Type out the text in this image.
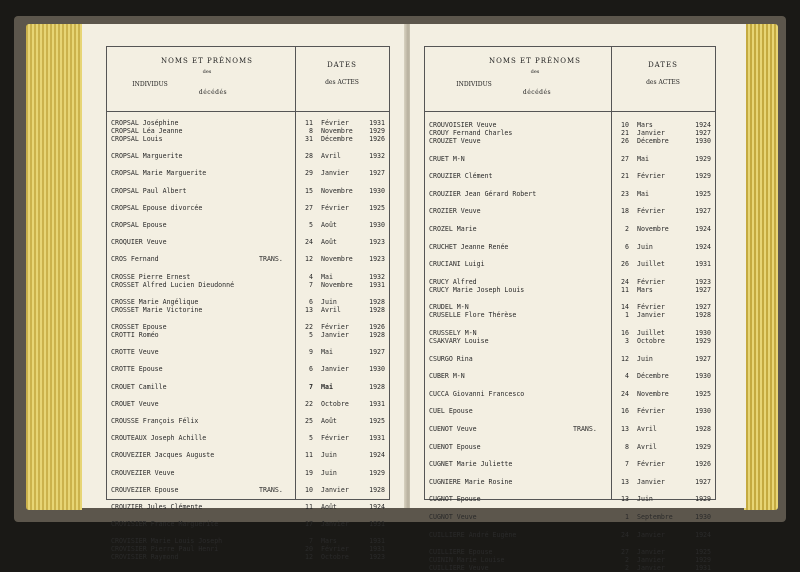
NOMS ET PRÉNOMS
des
INDIVIDUS
décédés
DATES
des ACTES
CROPSAL Joséphine	11 Février	1931
CROPSAL Léa Jeanne	8 Novembre 1929
CROPSAL Louis	31 Décembre 1926
CROPSAL Marguerite	28 Avril	1932
CROPSAL Marie Marguerite	29 Janvier	1927
CROPSAL Paul Albert	15 Novembre 1930
CROPSAL Epouse divorcée	27 Février	1925
CROPSAL Epouse	5 Août	1930
CROQUIER Veuve	24 Août	1923
CROS Fernand	TRANS.	12 Novembre 1923
CROSSE Pierre Ernest	4 Mai	1932
CROSSET Alfred Lucien Dieudonné	7 Novembre 1931
CROSSE Marie Angélique	6 Juin	1928
CROSSET Marie Victorine	13 Avril	1928
CROSSET Epouse	22 Février	1926
CROTTI Roméo	5 Janvier	1928
CROTTE Veuve	9 Mai	1927
CROTTE Epouse	6 Janvier	1930
CROUET Camille	7 Mai	1928
CROUET Veuve	22 Octobre	1931
CROUSSE François Félix	25 Août	1925
CROUTEAUX Joseph Achille	5 Février	1931
CROUVEZIER Jacques Auguste	11 Juin	1924
CROUVEZIER Veuve	19 Juin	1929
CROUVEZIER Epouse	TRANS.	10 Janvier	1928
CROUZIER Jules Clémente	11 Août	1924
CROVISIER France Marguerite	17 Janvier	1931
CROVISIER Marie Louis Joseph	7 Mars	1931
CROVISIER Pierre Paul Henri	20 Février	1931
CROVISIER Raymond	12 Octobre	1923
NOMS ET PRÉNOMS
des
INDIVIDUS
décédés
DATES
des ACTES
CROUVOISIER Veuve	10 Mars	1924
CROUY Fernand Charles	21 Janvier	1927
CROUZET Veuve	26 Décembre	1930
CRUET M-N	27 Mai	1929
CROUZIER Clément	21 Février	1929
CROUZIER Jean Gérard Robert	23 Mai	1925
CROZIER Veuve	18 Février	1927
CROZEL Marie	2 Novembre	1924
CRUCHET Jeanne Renée	6 Juin	1924
CRUCIANI Luigi	26 Juillet	1931
CRUCY Alfred	24 Février	1923
CRUCY Marie Joseph Louis	11 Mars	1927
CRUDEL M-N	14 Février	1927
CRUSELLE Flore Thérèse	1 Janvier	1928
CRUSSELY M-N	16 Juillet	1930
CSAKVARY Louise	3 Octobre	1929
CSURGO Rina	12 Juin	1927
CUBER M-N	4 Décembre	1930
CUCCA Giovanni Francesco	24 Novembre	1925
CUEL Epouse	16 Février	1930
CUENOT Veuve	TRANS.	13 Avril	1928
CUENOT Epouse	8 Avril	1929
CUGNET Marie Juliette	7 Février	1926
CUGNIERE Marie Rosine	13 Janvier	1927
CUGNOT Epouse	13 Juin	1929
CUGNOT Veuve	1 Septembre	1930
CUILLIERE André Eugène	24 Janvier	1924
CUILLIERE Epouse	27 Janvier	1925
CUININ Marie Louise	2 Janvier	1929
CUILLIERE Veuve	2 Janvier	1931
